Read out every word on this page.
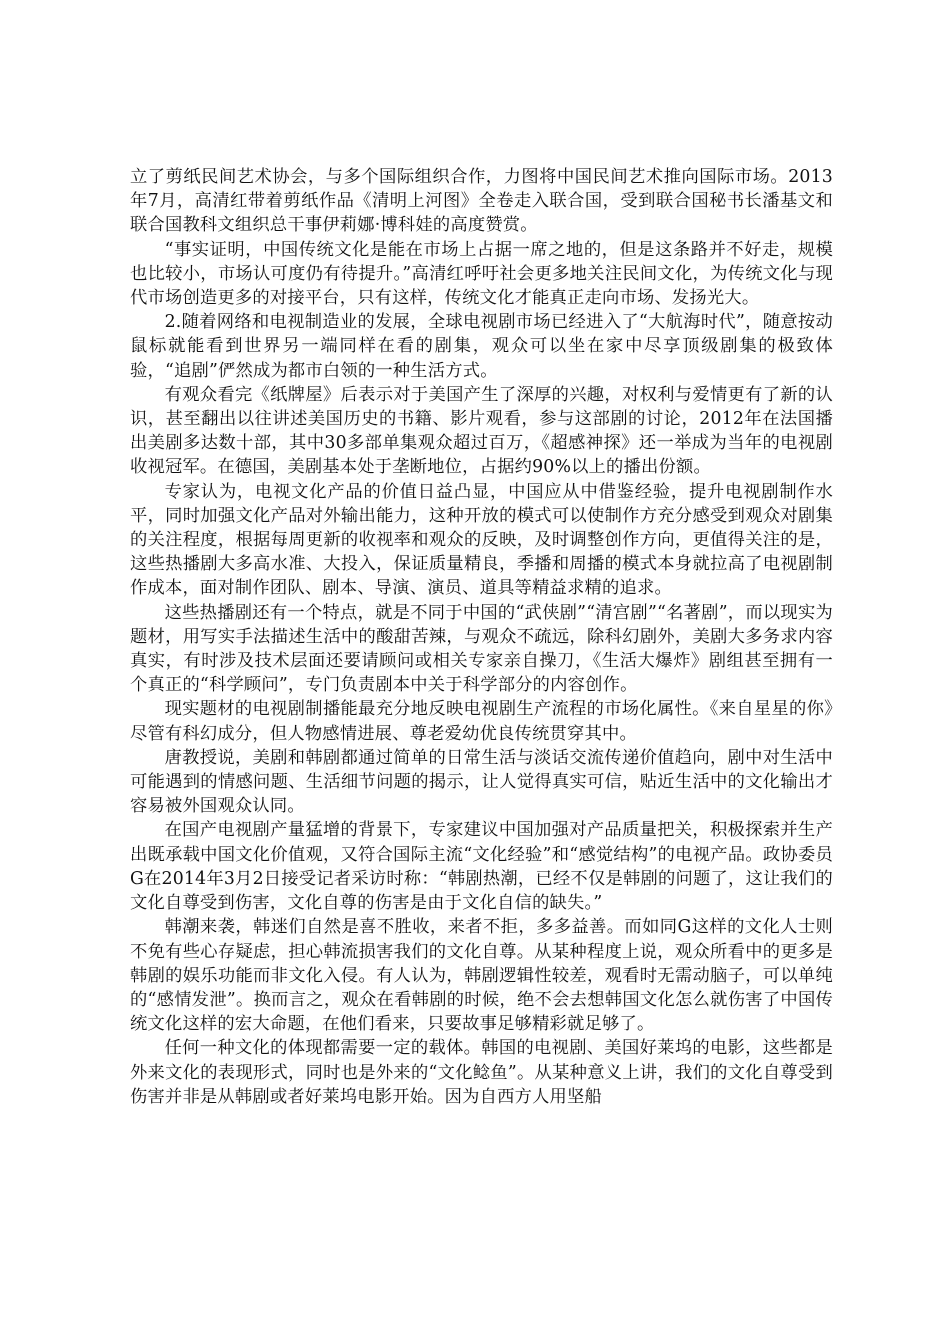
立了剪纸民间艺术协会，与多个国际组织合作，力图将中国民间艺术推向国际市场。2013年7月，高清红带着剪纸作品《清明上河图》全卷走入联合国，受到联合国秘书长潘基文和联合国教科文组织总干事伊莉娜·博科娃的高度赞赏。

“事实证明，中国传统文化是能在市场上占据一席之地的，但是这条路并不好走，规模也比较小，市场认可度仍有待提升。”高清红呼吁社会更多地关注民间文化，为传统文化与现代市场创造更多的对接平台，只有这样，传统文化才能真正走向市场、发扬光大。

2.随着网络和电视制造业的发展，全球电视剧市场已经进入了“大航海时代”，随意按动鼠标就能看到世界另一端同样在看的剧集，观众可以坐在家中尽享顶级剧集的极致体验，“追剧”俨然成为都市白领的一种生活方式。

有观众看完《纸牌屋》后表示对于美国产生了深厚的兴趣，对权利与爱情更有了新的认识，甚至翻出以往讲述美国历史的书籍、影片观看，参与这部剧的讨论，2012年在法国播出美剧多达数十部，其中30多部单集观众超过百万，《超感神探》还一举成为当年的电视剧收视冠军。在德国，美剧基本处于垄断地位，占据约90%以上的播出份额。

专家认为，电视文化产品的价值日益凸显，中国应从中借鉴经验，提升电视剧制作水平，同时加强文化产品对外输出能力，这种开放的模式可以使制作方充分感受到观众对剧集的关注程度，根据每周更新的收视率和观众的反映，及时调整创作方向，更值得关注的是，这些热播剧大多高水准、大投入，保证质量精良，季播和周播的模式本身就拉高了电视剧制作成本，面对制作团队、剧本、导演、演员、道具等精益求精的追求。

这些热播剧还有一个特点，就是不同于中国的“武侠剧”“清宫剧”“名著剧”，而以现实为题材，用写实手法描述生活中的酸甜苦辣，与观众不疏远，除科幻剧外，美剧大多务求内容真实，有时涉及技术层面还要请顾问或相关专家亲自操刀，《生活大爆炸》剧组甚至拥有一个真正的“科学顾问”，专门负责剧本中关于科学部分的内容创作。

现实题材的电视剧制播能最充分地反映电视剧生产流程的市场化属性。《来自星星的你》尽管有科幻成分，但人物感情进展、尊老爱幼优良传统贯穿其中。

唐教授说，美剧和韩剧都通过简单的日常生活与淡话交流传递价值趋向，剧中对生活中可能遇到的情感问题、生活细节问题的揭示，让人觉得真实可信，贴近生活中的文化输出才容易被外国观众认同。

在国产电视剧产量猛增的背景下，专家建议中国加强对产品质量把关，积极探索并生产出既承载中国文化价值观，又符合国际主流“文化经验”和“感觉结构”的电视产品。政协委员G在2014年3月2日接受记者采访时称：“韩剧热潮，已经不仅是韩剧的问题了，这让我们的文化自尊受到伤害，文化自尊的伤害是由于文化自信的缺失。”

韩潮来袭，韩迷们自然是喜不胜收，来者不拒，多多益善。而如同G这样的文化人士则不免有些心存疑虑，担心韩流损害我们的文化自尊。从某种程度上说，观众所看中的更多是韩剧的娱乐功能而非文化入侵。有人认为，韩剧逻辑性较差，观看时无需动脑子，可以单纯的“感情发泄”。换而言之，观众在看韩剧的时候，绝不会去想韩国文化怎么就伤害了中国传统文化这样的宏大命题，在他们看来，只要故事足够精彩就足够了。

任何一种文化的体现都需要一定的载体。韩国的电视剧、美国好莱坞的电影，这些都是外来文化的表现形式，同时也是外来的“文化鲶鱼”。从某种意义上讲，我们的文化自尊受到伤害并非是从韩剧或者好莱坞电影开始。因为自西方人用坚船
